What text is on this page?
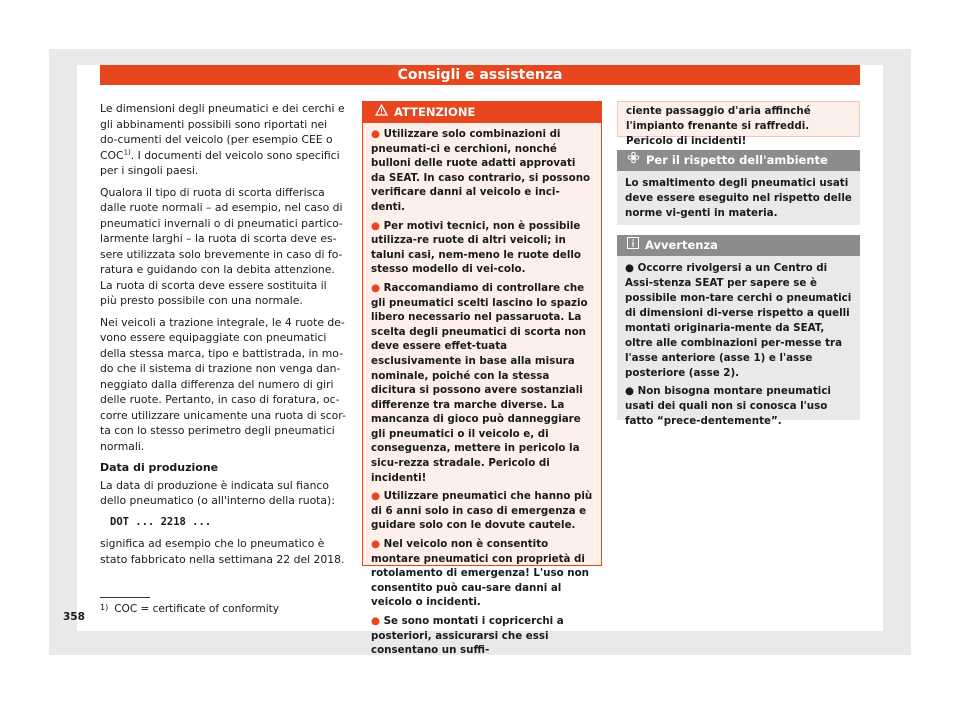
Consigli e assistenza

Le dimensioni degli pneumatici e dei cerchi e gli abbinamenti possibili sono riportati nei do-cumenti del veicolo (per esempio CEE o COC$^{1)}$. I documenti del veicolo sono specifici per i singoli paesi.

Qualora il tipo di ruota di scorta differisca dalle ruote normali – ad esempio, nel caso di pneumatici invernali o di pneumatici partico-larmente larghi – la ruota di scorta deve es-sere utilizzata solo brevemente in caso di fo-ratura e guidando con la debita attenzione. La ruota di scorta deve essere sostituita il più presto possibile con una normale.

Nei veicoli a trazione integrale, le 4 ruote de-vono essere equipaggiate con pneumatici della stessa marca, tipo e battistrada, in mo-do che il sistema di trazione non venga dan-neggiato dalla differenza del numero di giri delle ruote. Pertanto, in caso di foratura, oc-corre utilizzare unicamente una ruota di scor-ta con lo stesso perimetro degli pneumatici normali.

Data di produzione

La data di produzione è indicata sul fianco dello pneumatico (o all'interno della ruota):

DOT ... 2218 ...

significa ad esempio che lo pneumatico è stato fabbricato nella settimana 22 del 2018.

ATTENZIONE

● Utilizzare solo combinazioni di pneumati-ci e cerchioni, nonché bulloni delle ruote adatti approvati da SEAT. In caso contrario, si possono verificare danni al veicolo e inci-denti.

● Per motivi tecnici, non è possibile utilizza-re ruote di altri veicoli; in taluni casi, nem-meno le ruote dello stesso modello di vei-colo.

● Raccomandiamo di controllare che gli pneumatici scelti lascino lo spazio libero necessario nel passaruota. La scelta degli pneumatici di scorta non deve essere effet-tuata esclusivamente in base alla misura nominale, poiché con la stessa dicitura si possono avere sostanziali differenze tra marche diverse. La mancanza di gioco può danneggiare gli pneumatici o il veicolo e, di conseguenza, mettere in pericolo la sicu-rezza stradale. Pericolo di incidenti!

● Utilizzare pneumatici che hanno più di 6 anni solo in caso di emergenza e guidare solo con le dovute cautele.

● Nel veicolo non è consentito montare pneumatici con proprietà di rotolamento di emergenza! L'uso non consentito può cau-sare danni al veicolo o incidenti.

● Se sono montati i copricerchi a posteriori, assicurarsi che essi consentano un suffi-

ciente passaggio d'aria affinché l'impianto frenante si raffreddi. Pericolo di incidenti!
Per il rispetto dell'ambiente

Lo smaltimento degli pneumatici usati deve essere eseguito nel rispetto delle norme vi-genti in materia.

Avvertenza

● Occorre rivolgersi a un Centro di Assi-stenza SEAT per sapere se è possibile mon-tare cerchi o pneumatici di dimensioni di-verse rispetto a quelli montati originaria-mente da SEAT, oltre alle combinazioni per-messe tra l'asse anteriore (asse 1) e l'asse posteriore (asse 2).

● Non bisogna montare pneumatici usati dei quali non si conosca l'uso fatto “prece-dentemente”.

$^{1)}$ COC = certificate of conformity
358
